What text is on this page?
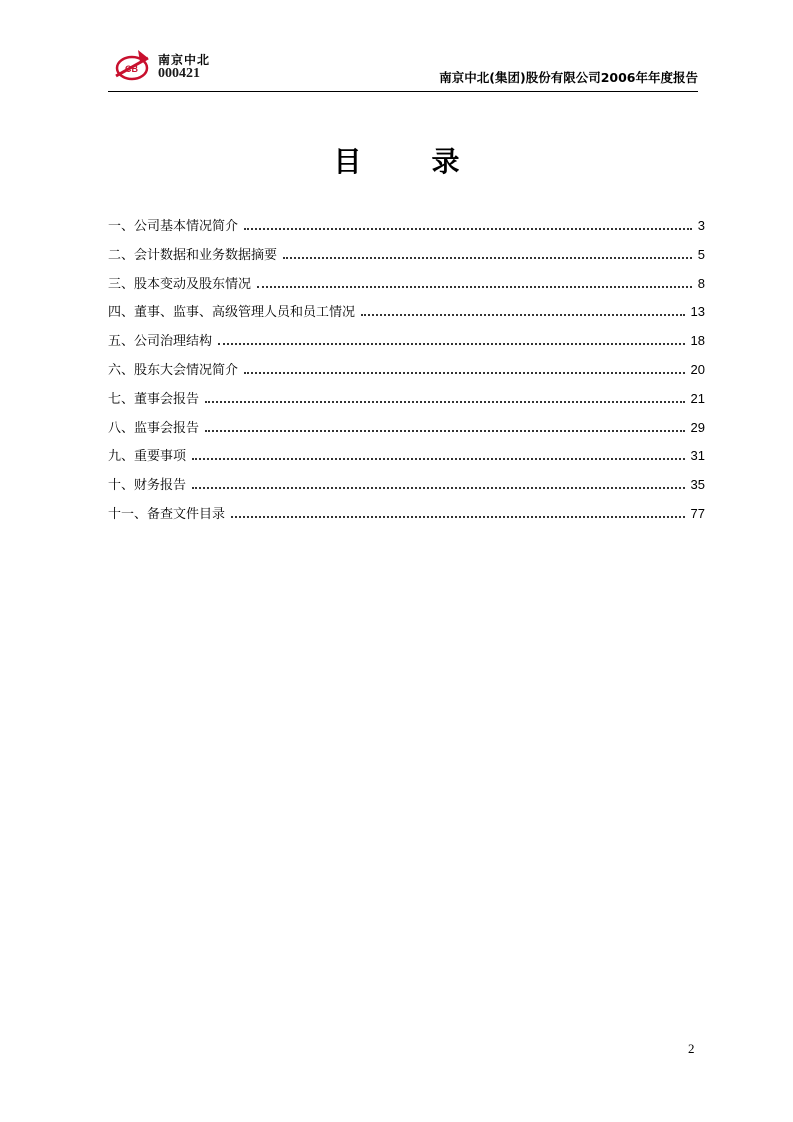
CB
南京中北
000421	南京中北(集团)股份有限公司2006年年度报告
目录
一、公司基本情况简介	3
二、会计数据和业务数据摘要	5
三、股本变动及股东情况	8
四、董事、监事、高级管理人员和员工情况	13
五、公司治理结构	18
六、股东大会情况简介	20
七、董事会报告	21
八、监事会报告	29
九、重要事项	31
十、财务报告	35
十一、备查文件目录	77
2
